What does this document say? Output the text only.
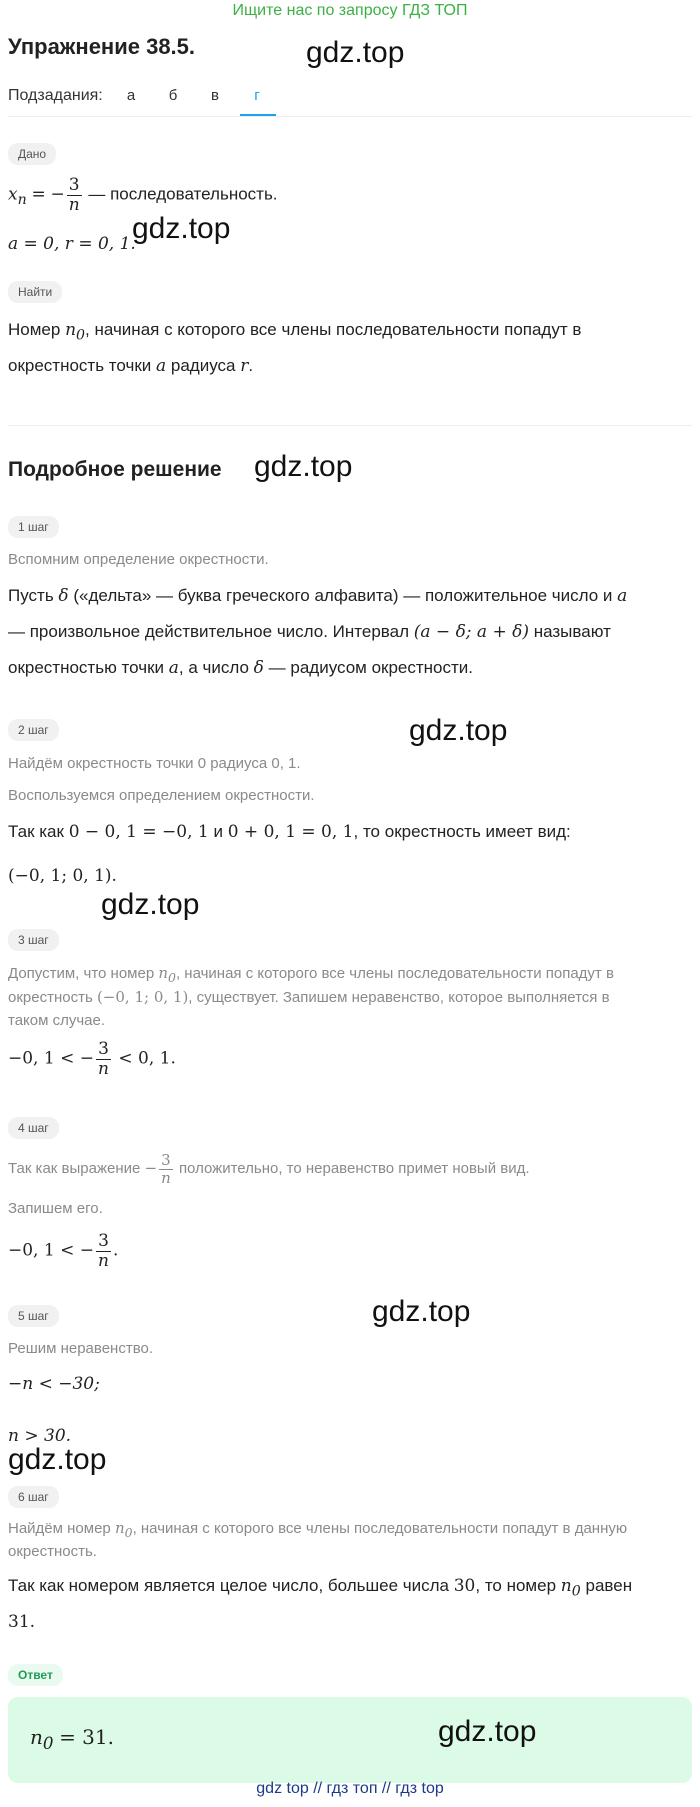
Ищите нас по запросу ГДЗ ТОП
Упражнение 38.5.	gdz.top
Подзадания:	а	б	в	г
Дано
$x_n$ = − $\frac{3}{n}$ — последовательность.
a = 0, r = 0, 1.
gdz.top
Найти
Номер $n_0$, начиная с которого все члены последовательности попадут в
окрестность точки a радиуса r.
Подробное решение gdz.top
1 шаг
Вспомним определение окрестности.
Пусть δ («дельта» — буква греческого алфавита) — положительное число и a
— произвольное действительное число. Интервал (a − δ; a + δ) называют
окрестностью точки a, а число δ — радиусом окрестности.
2 шаг	gdz.top
Найдём окрестность точки 0 радиуса 0, 1.
Воспользуемся определением окрестности.
Так как 0 − 0, 1 = −0, 1 и 0 + 0, 1 = 0, 1, то окрестность имеет вид:
(−0, 1; 0, 1).
gdz.top
3 шаг
Допустим, что номер $n_0$, начиная с которого все члены последовательности попадут в
окрестность (−0, 1; 0, 1), существует. Запишем неравенство, которое выполняется в
таком случае.
−0, 1 < − $\frac{3}{n} < 0$, 1.
4 шаг
Так как выражение − $\frac{3}{n}$ положительно, то неравенство примет новый вид.
Запишем его.
−0, 1 < − $\frac{3}{n}$ .
5 шаг	gdz.top
Решим неравенство.
−n < −30;
n > 30.
gdz.top
6 шаг
Найдём номер $n_0$, начиная с которого все члены последовательности попадут в данную
окрестность.
Так как номером является целое число, большее числа 30, то номер $n_0$ равен
31.
Ответ
$n_0 = 31$.	gdz.top
gdz top // гдз топ // гдз top
